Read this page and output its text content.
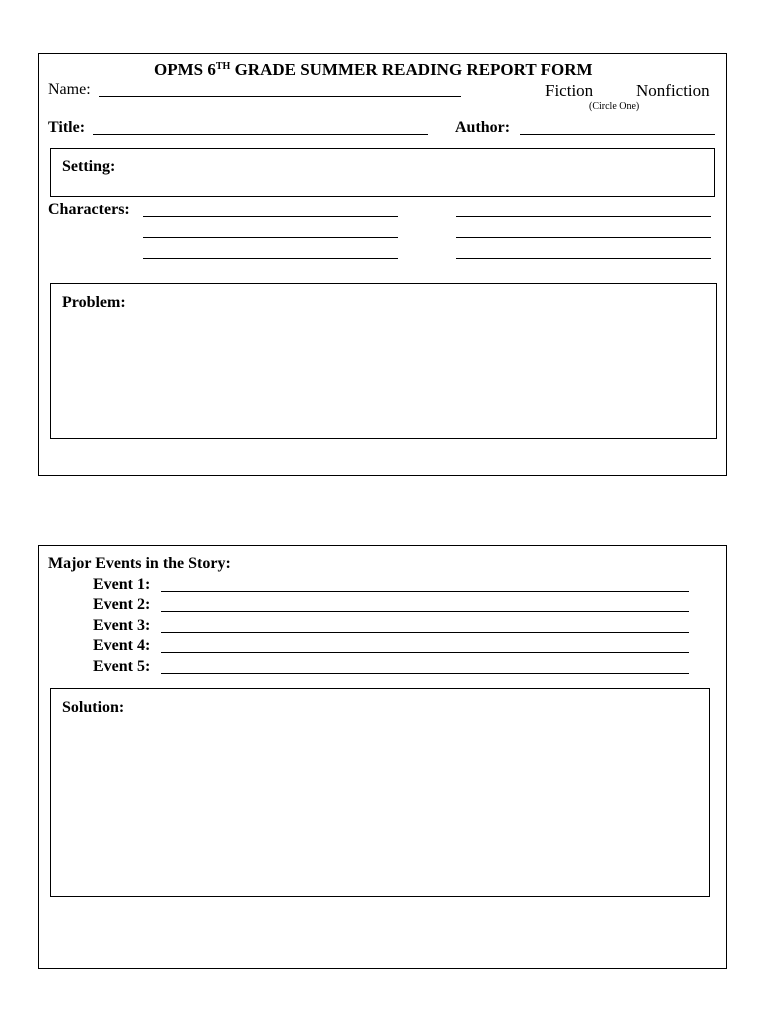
OPMS 6TH GRADE SUMMER READING REPORT FORM
Name:	Fiction	Nonfiction
(Circle One)
Title:	Author:
Setting:
Characters:
Problem:
Major Events in the Story:
Event 1:
Event 2:
Event 3:
Event 4:
Event 5:
Solution:
